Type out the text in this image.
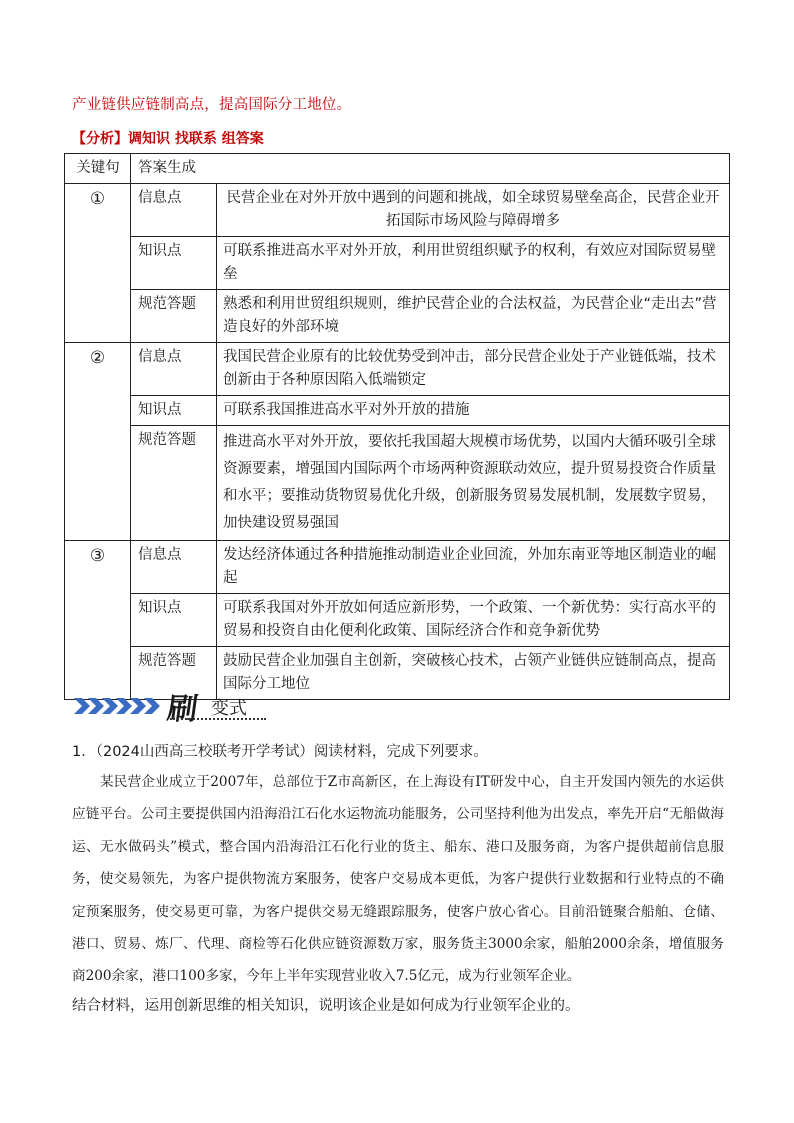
产业链供应链制高点，提高国际分工地位。
【分析】调知识 找联系 组答案
关键句	答案生成	
①	信息点	民营企业在对外开放中遇到的问题和挑战，如全球贸易壁垒高企，民营企业开拓国际市场风险与障碍增多
	知识点	可联系推进高水平对外开放，利用世贸组织赋予的权利，有效应对国际贸易壁垒
	规范答题	熟悉和利用世贸组织规则，维护民营企业的合法权益，为民营企业“走出去”营造良好的外部环境
②	信息点	我国民营企业原有的比较优势受到冲击，部分民营企业处于产业链低端，技术创新由于各种原因陷入低端锁定
	知识点	可联系我国推进高水平对外开放的措施
	规范答题	推进高水平对外开放，要依托我国超大规模市场优势，以国内大循环吸引全球资源要素，增强国内国际两个市场两种资源联动效应，提升贸易投资合作质量和水平；要推动货物贸易优化升级，创新服务贸易发展机制，发展数字贸易，加快建设贸易强国
③	信息点	发达经济体通过各种措施推动制造业企业回流，外加东南亚等地区制造业的崛起
	知识点	可联系我国对外开放如何适应新形势，一个政策、一个新优势：实行高水平的贸易和投资自由化便利化政策、国际经济合作和竞争新优势
	规范答题	鼓励民营企业加强自主创新，突破核心技术，占领产业链供应链制高点，提高国际分工地位
刷 变式
1．（2024山西高三校联考开学考试）阅读材料，完成下列要求。
某民营企业成立于2007年，总部位于Z市高新区，在上海设有IT研发中心，自主开发国内领先的水运供应链平台。公司主要提供国内沿海沿江石化水运物流功能服务，公司坚持利他为出发点，率先开启“无船做海运、无水做码头”模式，整合国内沿海沿江石化行业的货主、船东、港口及服务商，为客户提供超前信息服务，使交易领先，为客户提供物流方案服务，使客户交易成本更低，为客户提供行业数据和行业特点的不确定预案服务，使交易更可靠，为客户提供交易无缝跟踪服务，使客户放心省心。目前沿链聚合船舶、仓储、港口、贸易、炼厂、代理、商检等石化供应链资源数万家，服务货主3000余家，船舶2000余条，增值服务商200余家，港口100多家，今年上半年实现营业收入7.5亿元，成为行业领军企业。
结合材料，运用创新思维的相关知识，说明该企业是如何成为行业领军企业的。
